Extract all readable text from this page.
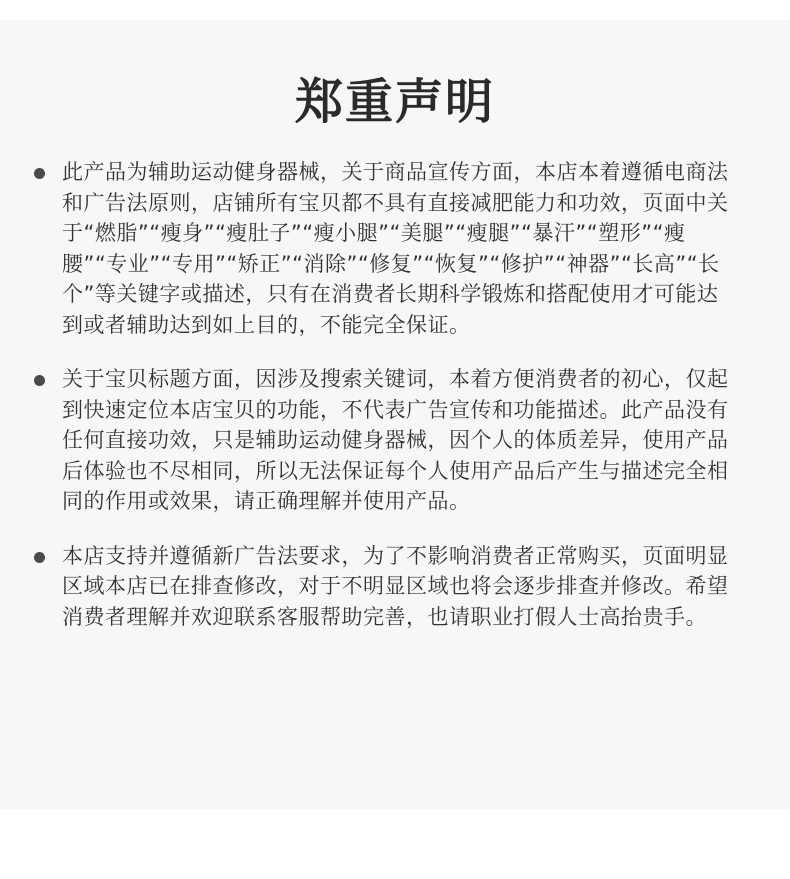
郑重声明
此产品为辅助运动健身器械，关于商品宣传方面，本店本着遵循电商法和广告法原则，店铺所有宝贝都不具有直接减肥能力和功效，页面中关于“燃脂”“瘦身”“瘦肚子”“瘦小腿”“美腿”“瘦腿”“暴汗”“塑形”“瘦腰”“专业”“专用”“矫正”“消除”“修复”“恢复”“修护”“神器”“长高”“长个”等关键字或描述，只有在消费者长期科学锻炼和搭配使用才可能达到或者辅助达到如上目的，不能完全保证。
关于宝贝标题方面，因涉及搜索关键词，本着方便消费者的初心，仅起到快速定位本店宝贝的功能，不代表广告宣传和功能描述。此产品没有任何直接功效，只是辅助运动健身器械，因个人的体质差异，使用产品后体验也不尽相同，所以无法保证每个人使用产品后产生与描述完全相同的作用或效果，请正确理解并使用产品。
本店支持并遵循新广告法要求，为了不影响消费者正常购买，页面明显区域本店已在排查修改，对于不明显区域也将会逐步排查并修改。希望消费者理解并欢迎联系客服帮助完善，也请职业打假人士高抬贵手。
